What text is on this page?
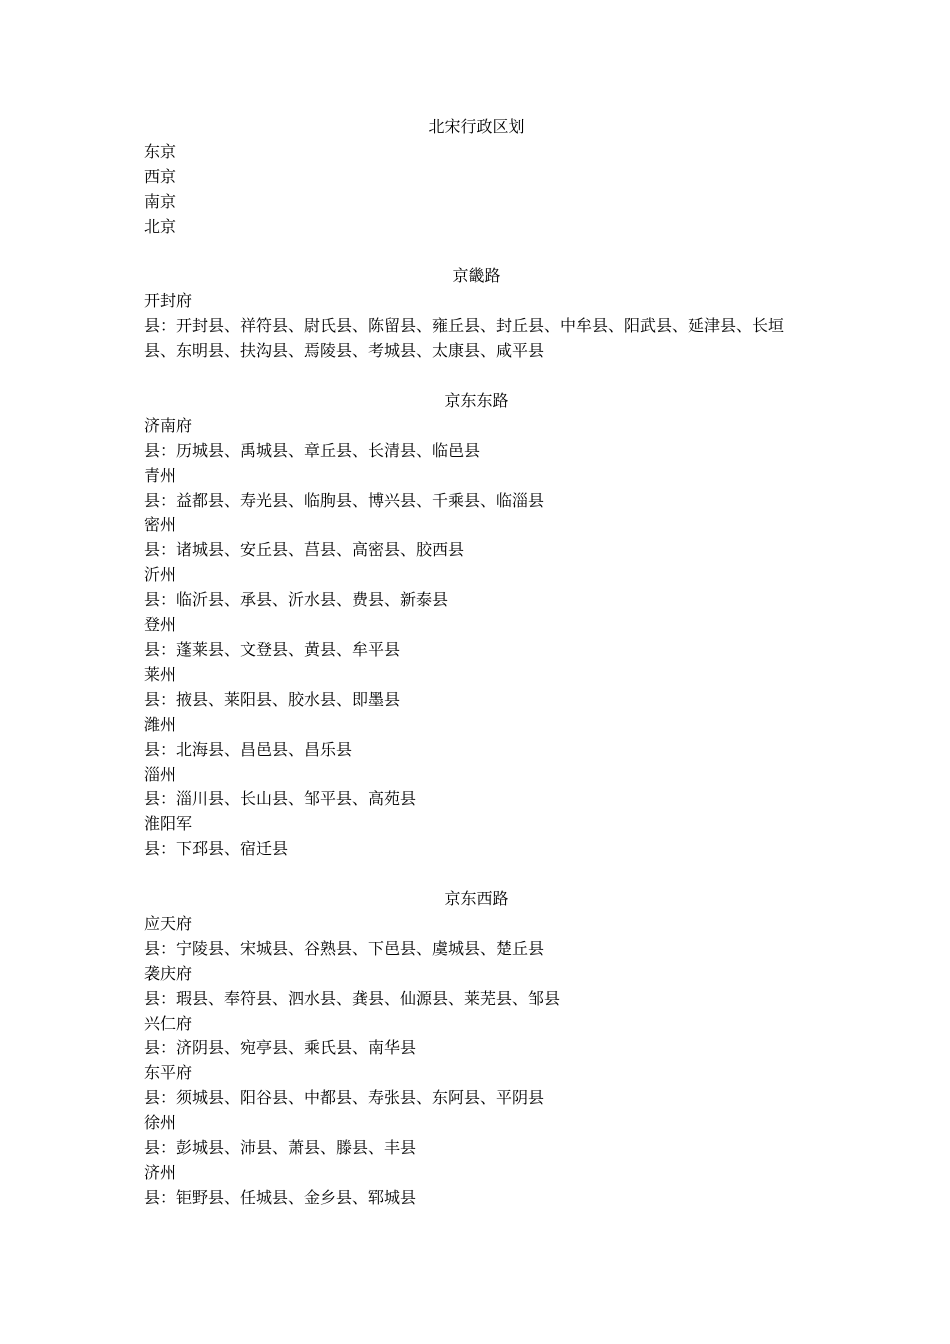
北宋行政区划

东京

西京

南京

北京

京畿路

开封府

县：开封县、祥符县、尉氏县、陈留县、雍丘县、封丘县、中牟县、阳武县、延津县、长垣县、东明县、扶沟县、焉陵县、考城县、太康县、咸平县

京东东路

济南府

县：历城县、禹城县、章丘县、长清县、临邑县

青州

县：益都县、寿光县、临朐县、博兴县、千乘县、临淄县

密州

县：诸城县、安丘县、莒县、高密县、胶西县

沂州

县：临沂县、承县、沂水县、费县、新泰县

登州

县：蓬莱县、文登县、黄县、牟平县

莱州

县：掖县、莱阳县、胶水县、即墨县

潍州

县：北海县、昌邑县、昌乐县

淄州

县：淄川县、长山县、邹平县、高苑县

淮阳军

县：下邳县、宿迁县

京东西路

应天府

县：宁陵县、宋城县、谷熟县、下邑县、虞城县、楚丘县

袭庆府

县：瑕县、奉符县、泗水县、龚县、仙源县、莱芜县、邹县

兴仁府

县：济阴县、宛亭县、乘氏县、南华县

东平府

县：须城县、阳谷县、中都县、寿张县、东阿县、平阴县

徐州

县：彭城县、沛县、萧县、滕县、丰县

济州

县：钜野县、任城县、金乡县、郓城县
